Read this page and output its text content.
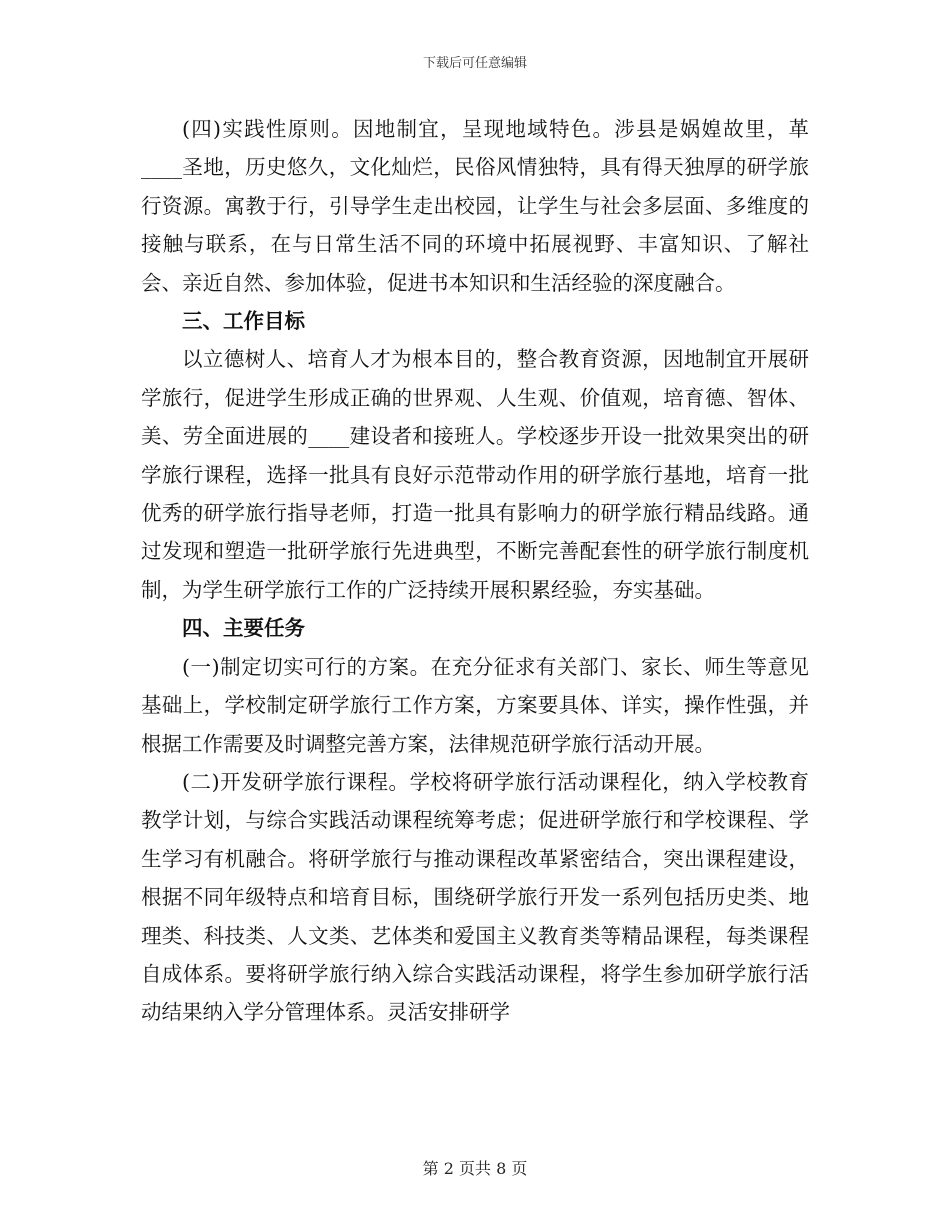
下载后可任意编辑

(四)实践性原则。因地制宜，呈现地域特色。涉县是娲媓故里，革____圣地，历史悠久，文化灿烂，民俗风情独特，具有得天独厚的研学旅行资源。寓教于行，引导学生走出校园，让学生与社会多层面、多维度的接触与联系，在与日常生活不同的环境中拓展视野、丰富知识、了解社会、亲近自然、参加体验，促进书本知识和生活经验的深度融合。

三、工作目标

以立德树人、培育人才为根本目的，整合教育资源，因地制宜开展研学旅行，促进学生形成正确的世界观、人生观、价值观，培育德、智体、美、劳全面进展的____建设者和接班人。学校逐步开设一批效果突出的研学旅行课程，选择一批具有良好示范带动作用的研学旅行基地，培育一批优秀的研学旅行指导老师，打造一批具有影响力的研学旅行精品线路。通过发现和塑造一批研学旅行先进典型，不断完善配套性的研学旅行制度机制，为学生研学旅行工作的广泛持续开展积累经验，夯实基础。

四、主要任务

(一)制定切实可行的方案。在充分征求有关部门、家长、师生等意见基础上，学校制定研学旅行工作方案，方案要具体、详实，操作性强，并根据工作需要及时调整完善方案，法律规范研学旅行活动开展。

(二)开发研学旅行课程。学校将研学旅行活动课程化，纳入学校教育教学计划，与综合实践活动课程统筹考虑；促进研学旅行和学校课程、学生学习有机融合。将研学旅行与推动课程改革紧密结合，突出课程建设，根据不同年级特点和培育目标，围绕研学旅行开发一系列包括历史类、地理类、科技类、人文类、艺体类和爱国主义教育类等精品课程，每类课程自成体系。要将研学旅行纳入综合实践活动课程，将学生参加研学旅行活动结果纳入学分管理体系。灵活安排研学

第 2 页共 8 页
